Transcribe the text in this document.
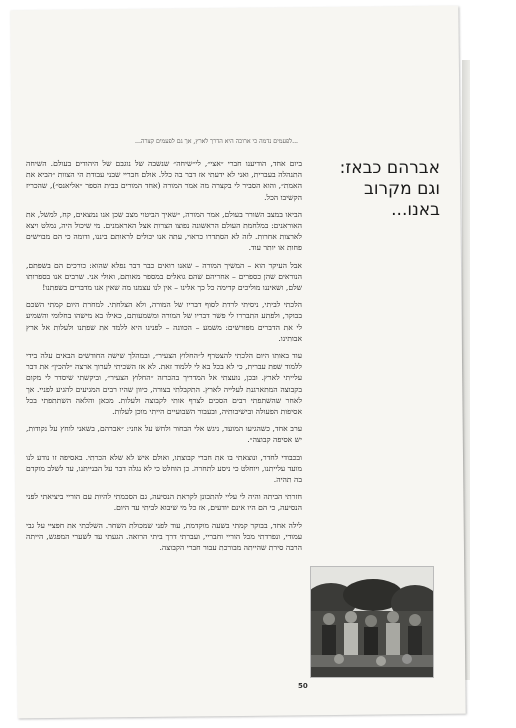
...לפעמים נדמה כי ארוכה היא הדרך לארץ, אך גם לפעמים קצרה...

ביום אחד, הודיענו חברי ״אצי״, לי״שיחה״ שנשבה של נוגבם של היהודים בעולם. השיחה התנהלה בעברית, ואני לא ידעתי אז דבר בה כלל. אולם חבריי שבני עבודת הי הצוות ״הביא את האמת״, והוא הסביר לי בקצרה מה אמר המורה (אחד המורים בבית הספר ״אליאנס״), שהכריז הקשיבו הכל.

הביאו במצב השורר בעולם, אמר המורה, ״שאיך הביטוי מצב שכן אנו נמצאים, קח, למשל, את האוראנים: במלחמת העולם הראשונה נפוצו הצרות אצל האראמנים. מי שיכול היה, נמלט ויצא לארצות אחרות. לזה לא הסתדרו כראוי, עתה אנו יכולים לראותם ביננו, ודומה כי הם מבוישים פחות או יותר עוד.

אבל העיקר הוא – המשיך המורה – שאנו רואים כבר דבר נפלא שהוא: כורכים הם בשפתם, הנוראים שהן כספרים – אחריהם שהם גואלים במספר מאותם, ואולי אני. שרבים אנו בספרותו שלם, ושאיננו מוליכים קדימה כל כך אלינו – אין לנו עצמנו מה שאין אנו מדברים בשפתנו!

הלכתי לביתי, ניסיתי לרדת לסוף דבריו של המורה, ולא הצלחתי. למחרת היום קמתי השכם בבוקר, ולפתע התבררו לי פשר דבריו של המורה ומשמעותם, כאילו בא מישהו בחלומי והשמיע לי את הדברים מפורשים: משמע – הכוונה – לפנינו היא ללמד את שפתנו ולעלות אל ארץ אבותינו.

עוד באותו היום הלכתי להצטרף ל״החלוץ הצעיר״, ובמהלך שישה החודשים הבאים עלה בידי ללמוד שפת עברית, כי לא בכל בא לי ללמוד זאת. לא אז השכיתי לערוך ארצה ״להכין״ את דבר עלייתי לארץ. ובכן, נועצתי אל המדריך בהכרזה ״החלוץ הצעיר״, וביקשתי שיסדר לי מקום בקבוצה המתארגנת לעלייה לארץ. התקבלתי בצורה, כיוון שהיו רבים המגיעים להגיע לפניי. אך לאחר שהשתפתי רבים הסכים לצרף אותי לקבוצה ולעלות. מכאן והלאה השתתפתי בכל אסיפות הפעולה ובישיבותיה, ובעבור השבועיים הייתי מוכן לעלות.

ערב אחד, כשהגיעו המועד, ניגש אלי הבחור ולחש על אוזני: ״אברהם, בשאני לוחץ על נקודות, יש אסיפה קבוצה״.

ובכבודי לחדר, ונוצאתי בו את חברי קבוצתו, ואולם איש לא שלא הכרתי. באסיפה זו נודע לנו מועד עלייתנו, ויוחלט כי ניסע לתחרה. כן הוחלט כי לא נגלה דבר על הבנייתנו, עד לשלב מוקדם בה תהיה.

חזרתי הביתה והיה לי עליי להתכונן לקראת הנסיעה, גם הסכמתי להיות עם הוריי ביציאתי לפני הנסיעה, כי הם היו אינם יודעים, אז כל מי שיבוא לביתי עד היום.

לילה אחד, בבוקר קמתי בשעה מוקדמת, עוד לפני שמכולת השחר. השלכתי את חפציי על גבי עמודי, ונפרדתי מכל הוריי וחבריי, ועברתי דרך ביתי הרואה. הגעתי עד לשערי המפגש, הייתה הרבה סירת שהייתה מבורכת עבור חברי הקבוצה.

אברהם כבאז:
וגם מקרוב
באנו...
50
